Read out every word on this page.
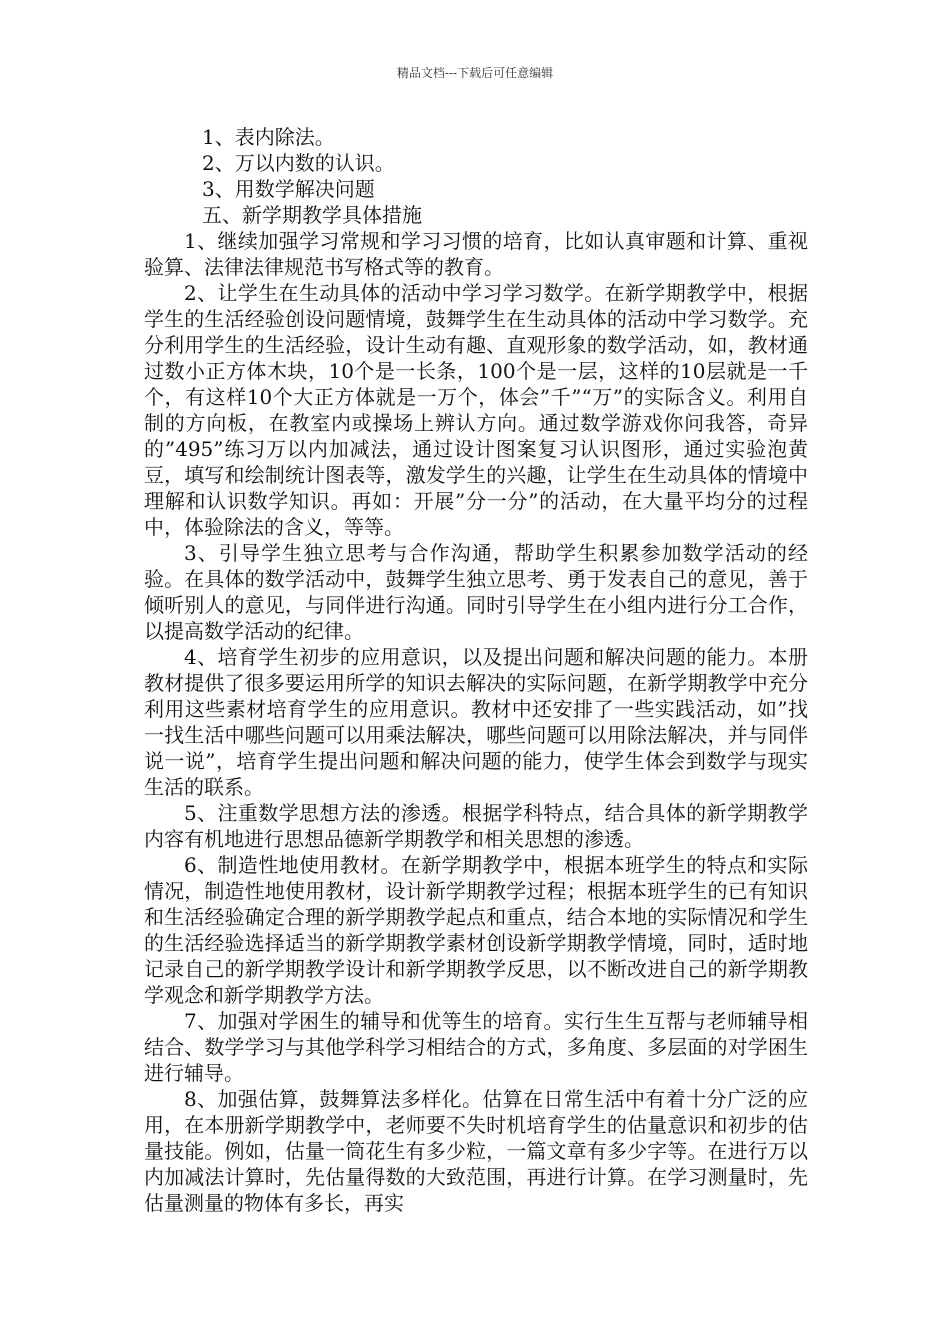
精品文档---下载后可任意编辑

1、表内除法。

2、万以内数的认识。

3、用数学解决问题

五、新学期教学具体措施

1、继续加强学习常规和学习习惯的培育，比如认真审题和计算、重视验算、法律法律规范书写格式等的教育。

2、让学生在生动具体的活动中学习学习数学。在新学期教学中，根据学生的生活经验创设问题情境，鼓舞学生在生动具体的活动中学习数学。充分利用学生的生活经验，设计生动有趣、直观形象的数学活动，如，教材通过数小正方体木块，10个是一长条，100个是一层，这样的10层就是一千个，有这样10个大正方体就是一万个，体会”千”“万”的实际含义。利用自制的方向板，在教室内或操场上辨认方向。通过数学游戏你问我答，奇异的”495”练习万以内加减法，通过设计图案复习认识图形，通过实验泡黄豆，填写和绘制统计图表等，激发学生的兴趣，让学生在生动具体的情境中理解和认识数学知识。再如：开展”分一分”的活动，在大量平均分的过程中，体验除法的含义，等等。

3、引导学生独立思考与合作沟通，帮助学生积累参加数学活动的经验。在具体的数学活动中，鼓舞学生独立思考、勇于发表自己的意见，善于倾听别人的意见，与同伴进行沟通。同时引导学生在小组内进行分工合作，以提高数学活动的纪律。

4、培育学生初步的应用意识，以及提出问题和解决问题的能力。本册教材提供了很多要运用所学的知识去解决的实际问题，在新学期教学中充分利用这些素材培育学生的应用意识。教材中还安排了一些实践活动，如”找一找生活中哪些问题可以用乘法解决，哪些问题可以用除法解决，并与同伴说一说”，培育学生提出问题和解决问题的能力，使学生体会到数学与现实生活的联系。

5、注重数学思想方法的渗透。根据学科特点，结合具体的新学期教学内容有机地进行思想品德新学期教学和相关思想的渗透。

6、制造性地使用教材。在新学期教学中，根据本班学生的特点和实际情况，制造性地使用教材，设计新学期教学过程；根据本班学生的已有知识和生活经验确定合理的新学期教学起点和重点，结合本地的实际情况和学生的生活经验选择适当的新学期教学素材创设新学期教学情境，同时，适时地记录自己的新学期教学设计和新学期教学反思，以不断改进自己的新学期教学观念和新学期教学方法。

7、加强对学困生的辅导和优等生的培育。实行生生互帮与老师辅导相结合、数学学习与其他学科学习相结合的方式，多角度、多层面的对学困生进行辅导。

8、加强估算，鼓舞算法多样化。估算在日常生活中有着十分广泛的应用，在本册新学期教学中，老师要不失时机培育学生的估量意识和初步的估量技能。例如，估量一筒花生有多少粒，一篇文章有多少字等。在进行万以内加减法计算时，先估量得数的大致范围，再进行计算。在学习测量时，先估量测量的物体有多长，再实
